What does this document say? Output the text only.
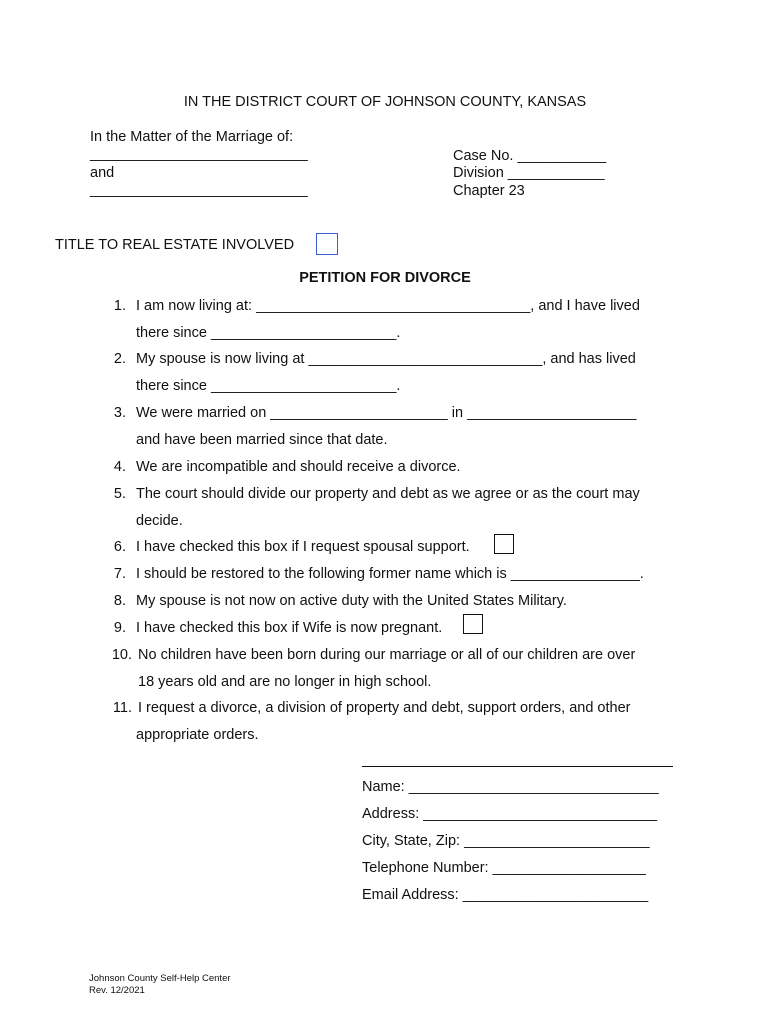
IN THE DISTRICT COURT OF JOHNSON COUNTY, KANSAS
In the Matter of the Marriage of:
___________________________
and
___________________________
Case No. ___________
Division ____________
Chapter 23
TITLE TO REAL ESTATE INVOLVED
PETITION FOR DIVORCE
1. I am now living at: __________________________________, and I have lived
there since _______________________.
2. My spouse is now living at _____________________________, and has lived
there since _______________________.
3. We were married on ______________________ in _____________________
and have been married since that date.
4. We are incompatible and should receive a divorce.
5. The court should divide our property and debt as we agree or as the court may
decide.
6. I have checked this box if I request spousal support.
7. I should be restored to the following former name which is ________________.
8. My spouse is not now on active duty with the United States Military.
9. I have checked this box if Wife is now pregnant.
10. No children have been born during our marriage or all of our children are over
18 years old and are no longer in high school.
11. I request a divorce, a division of property and debt, support orders, and other
appropriate orders.
Name: _______________________________
Address: _____________________________
City, State, Zip: _______________________
Telephone Number: ___________________
Email Address: _______________________
Johnson County Self-Help Center
Rev. 12/2021
